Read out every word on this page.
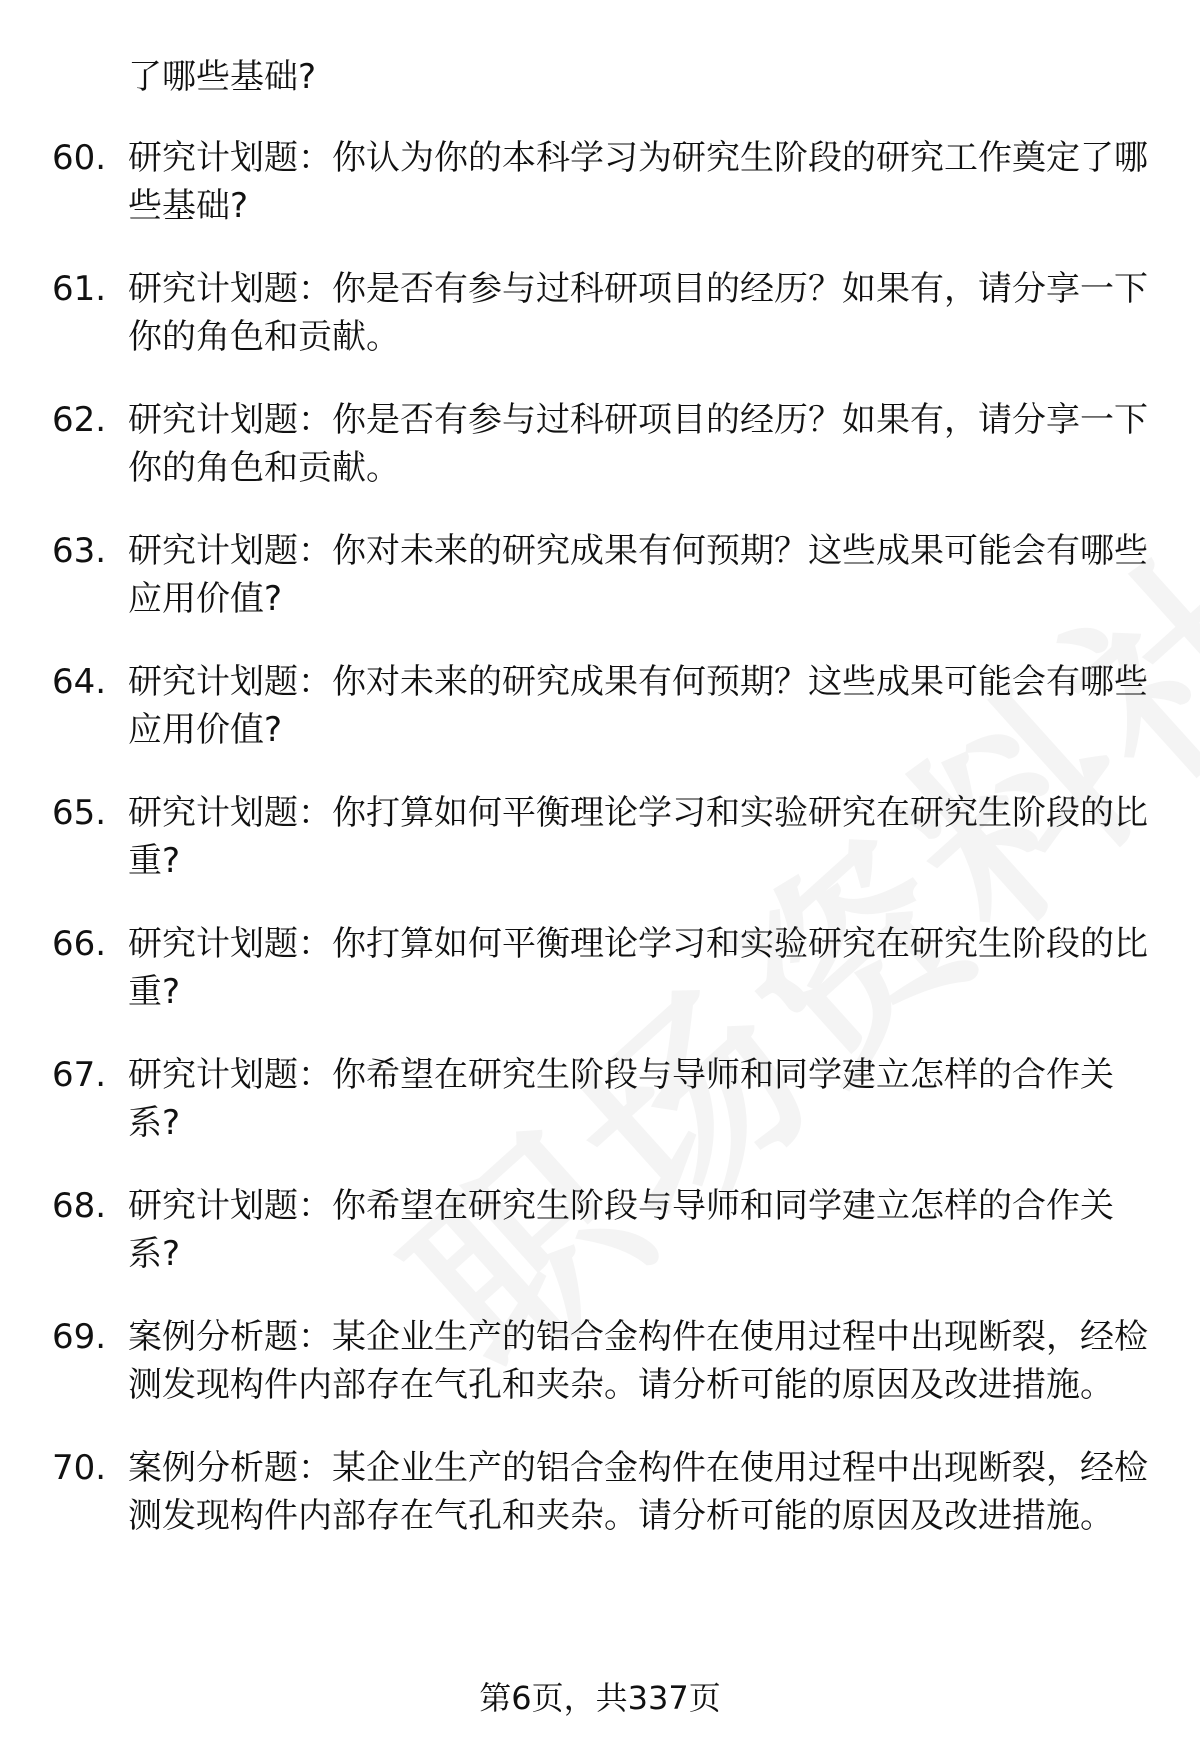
了哪些基础?

60. 研究计划题：你认为你的本科学习为研究生阶段的研究工作奠定了哪些基础?
61. 研究计划题：你是否有参与过科研项目的经历？如果有，请分享一下你的角色和贡献。
62. 研究计划题：你是否有参与过科研项目的经历？如果有，请分享一下你的角色和贡献。
63. 研究计划题：你对未来的研究成果有何预期？这些成果可能会有哪些应用价值?
64. 研究计划题：你对未来的研究成果有何预期？这些成果可能会有哪些应用价值?
65. 研究计划题：你打算如何平衡理论学习和实验研究在研究生阶段的比重?
66. 研究计划题：你打算如何平衡理论学习和实验研究在研究生阶段的比重?
67. 研究计划题：你希望在研究生阶段与导师和同学建立怎样的合作关系?
68. 研究计划题：你希望在研究生阶段与导师和同学建立怎样的合作关系?
69. 案例分析题：某企业生产的铝合金构件在使用过程中出现断裂，经检测发现构件内部存在气孔和夹杂。请分析可能的原因及改进措施。
70. 案例分析题：某企业生产的铝合金构件在使用过程中出现断裂，经检测发现构件内部存在气孔和夹杂。请分析可能的原因及改进措施。

第6页，共337页
